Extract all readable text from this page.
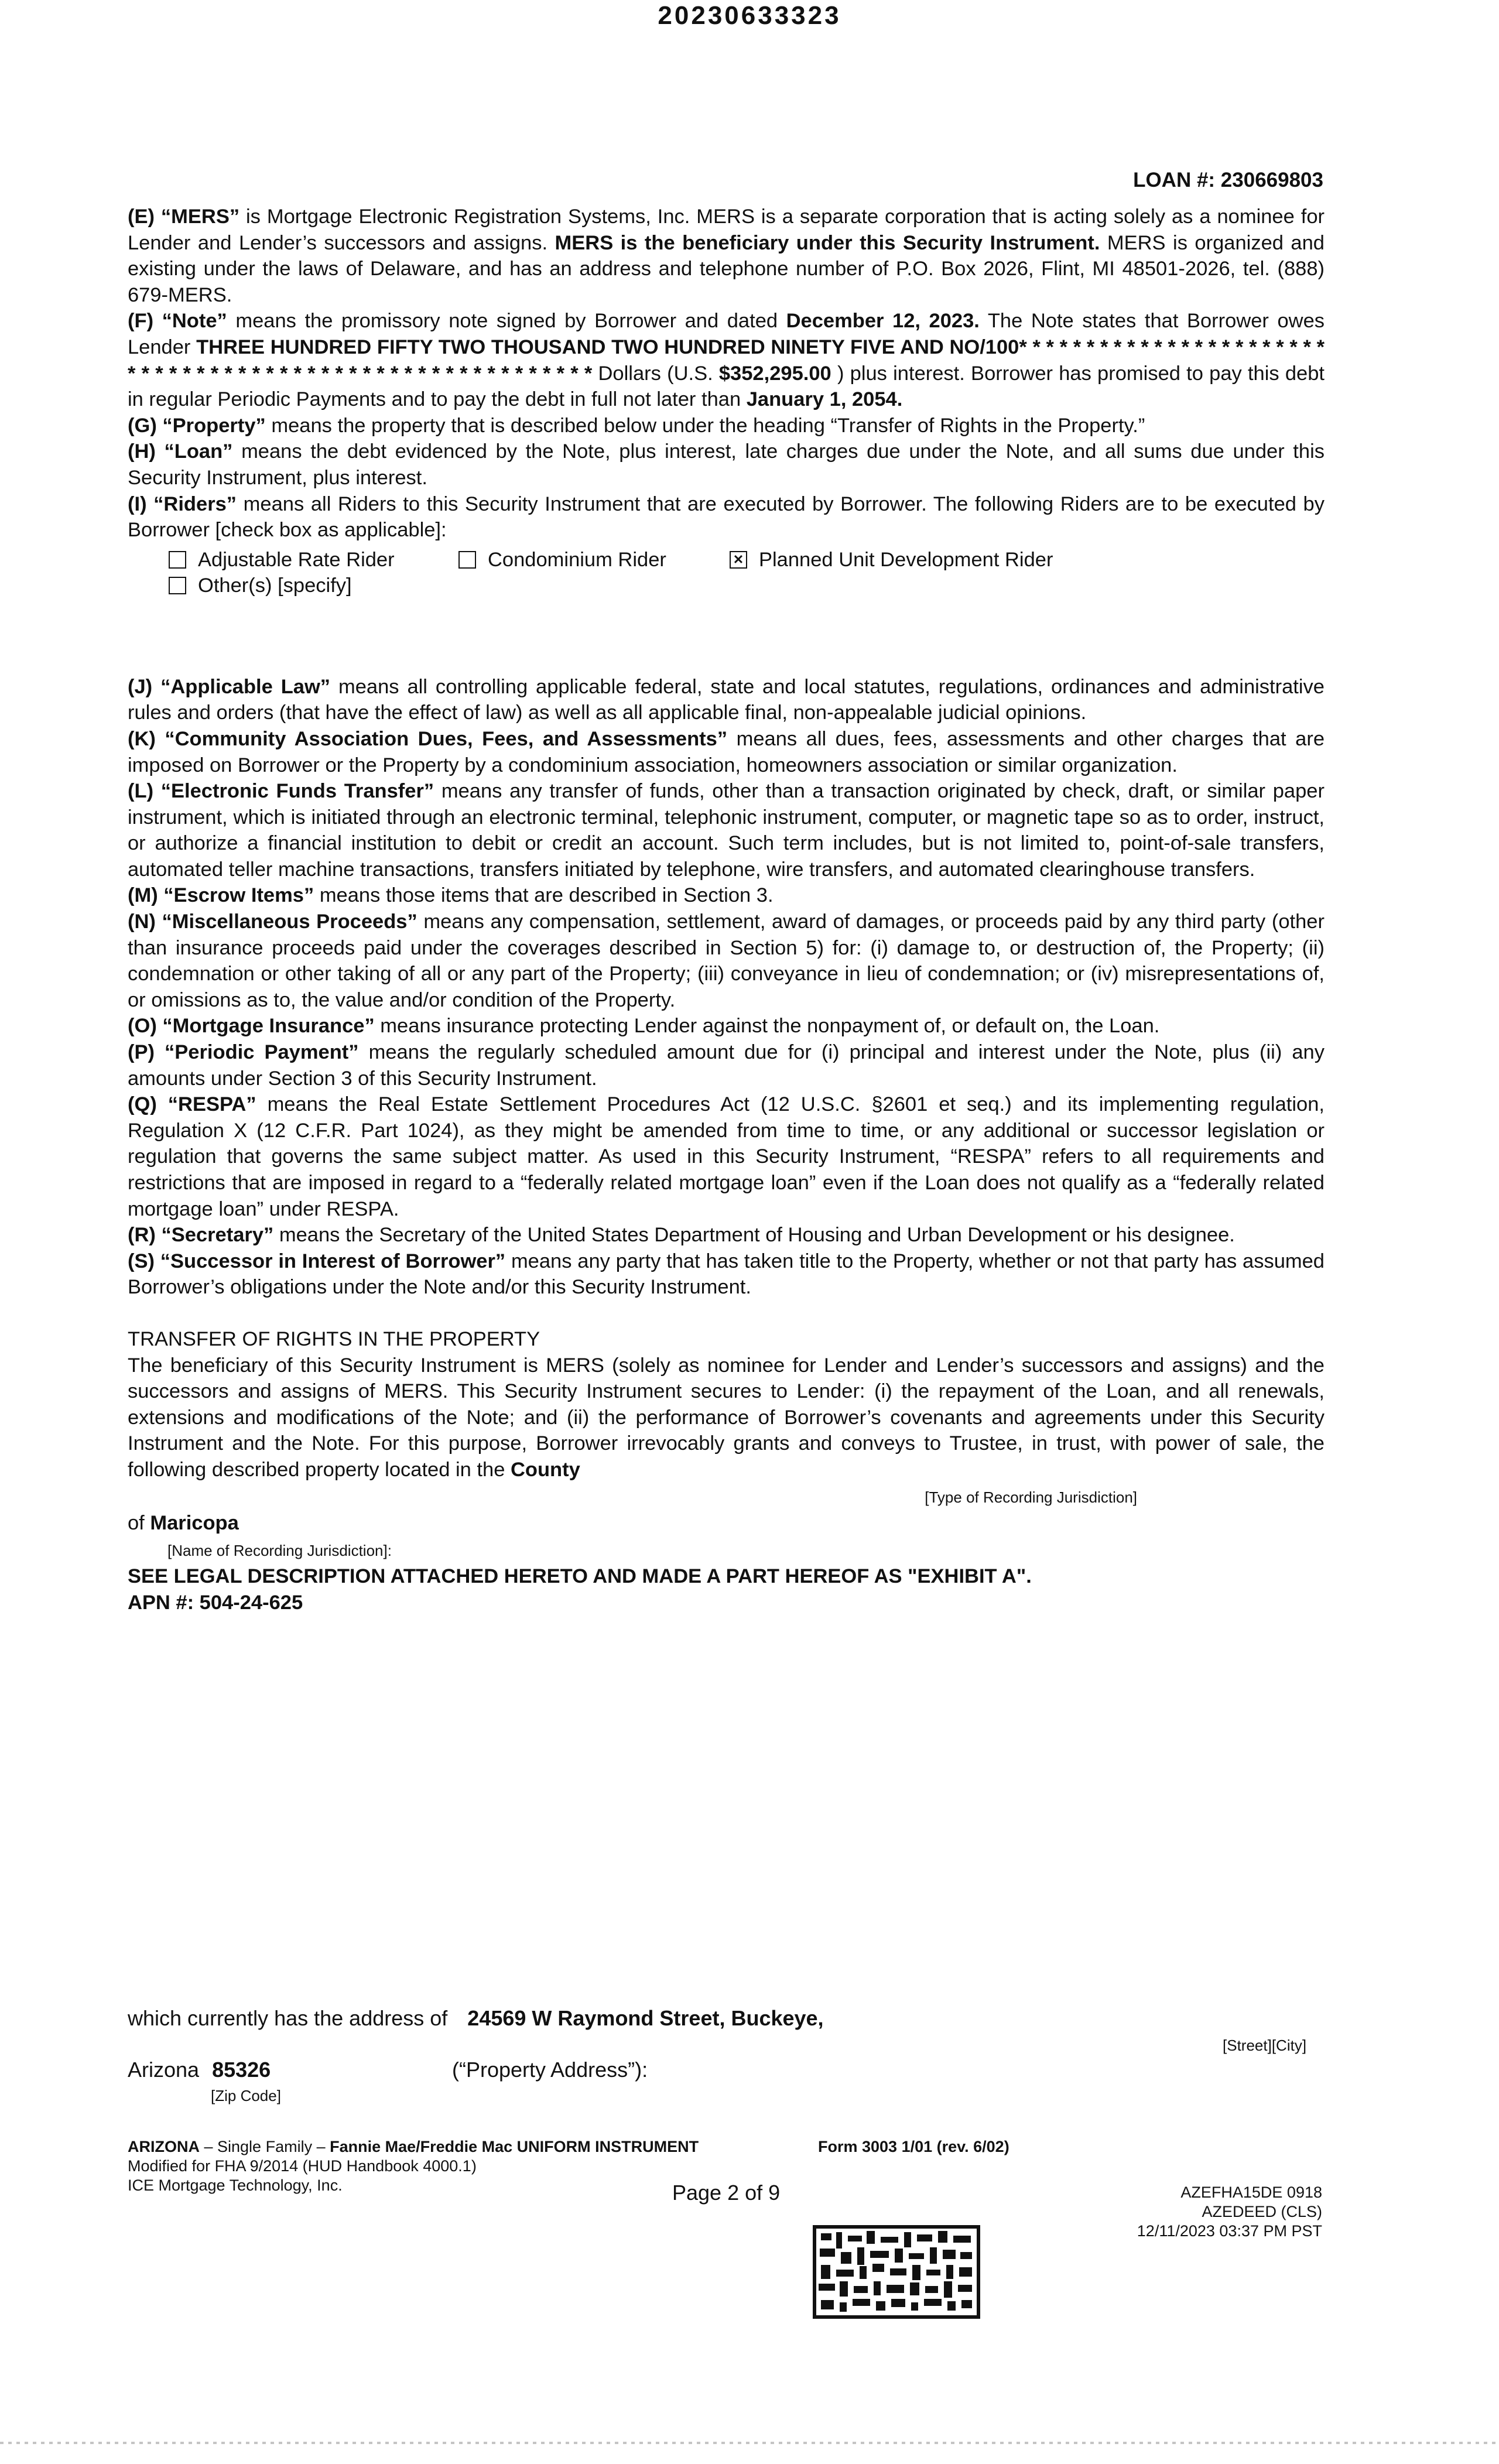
20230633323
LOAN #: 230669803

(E) “MERS” is Mortgage Electronic Registration Systems, Inc. MERS is a separate corporation that is acting solely as a nominee for Lender and Lender’s successors and assigns. MERS is the beneficiary under this Security Instrument. MERS is organized and existing under the laws of Delaware, and has an address and telephone number of P.O. Box 2026, Flint, MI 48501-2026, tel. (888) 679-MERS.

(F) “Note” means the promissory note signed by Borrower and dated December 12, 2023. The Note states that Borrower owes Lender THREE HUNDRED FIFTY TWO THOUSAND TWO HUNDRED NINETY FIVE AND NO/100* * * * * * * * * * * * * * * * * * * * * * * * * * * * * * * * * * * * * * * * * * * * * * * * * * * * * * * * * Dollars (U.S. $352,295.00 ) plus interest. Borrower has promised to pay this debt in regular Periodic Payments and to pay the debt in full not later than January 1, 2054.

(G) “Property” means the property that is described below under the heading “Transfer of Rights in the Property.”

(H) “Loan” means the debt evidenced by the Note, plus interest, late charges due under the Note, and all sums due under this Security Instrument, plus interest.

(I) “Riders” means all Riders to this Security Instrument that are executed by Borrower. The following Riders are to be executed by Borrower [check box as applicable]:

Adjustable Rate Rider	Condominium Rider	✕ Planned Unit Development Rider
Other(s) [specify]

(J) “Applicable Law” means all controlling applicable federal, state and local statutes, regulations, ordinances and administrative rules and orders (that have the effect of law) as well as all applicable final, non-appealable judicial opinions.

(K) “Community Association Dues, Fees, and Assessments” means all dues, fees, assessments and other charges that are imposed on Borrower or the Property by a condominium association, homeowners association or similar organization.

(L) “Electronic Funds Transfer” means any transfer of funds, other than a transaction originated by check, draft, or similar paper instrument, which is initiated through an electronic terminal, telephonic instrument, computer, or magnetic tape so as to order, instruct, or authorize a financial institution to debit or credit an account. Such term includes, but is not limited to, point-of-sale transfers, automated teller machine transactions, transfers initiated by telephone, wire transfers, and automated clearinghouse transfers.

(M) “Escrow Items” means those items that are described in Section 3.

(N) “Miscellaneous Proceeds” means any compensation, settlement, award of damages, or proceeds paid by any third party (other than insurance proceeds paid under the coverages described in Section 5) for: (i) damage to, or destruction of, the Property; (ii) condemnation or other taking of all or any part of the Property; (iii) conveyance in lieu of condemnation; or (iv) misrepresentations of, or omissions as to, the value and/or condition of the Property.

(O) “Mortgage Insurance” means insurance protecting Lender against the nonpayment of, or default on, the Loan.

(P) “Periodic Payment” means the regularly scheduled amount due for (i) principal and interest under the Note, plus (ii) any amounts under Section 3 of this Security Instrument.

(Q) “RESPA” means the Real Estate Settlement Procedures Act (12 U.S.C. §2601 et seq.) and its implementing regulation, Regulation X (12 C.F.R. Part 1024), as they might be amended from time to time, or any additional or successor legislation or regulation that governs the same subject matter. As used in this Security Instrument, “RESPA” refers to all requirements and restrictions that are imposed in regard to a “federally related mortgage loan” even if the Loan does not qualify as a “federally related mortgage loan” under RESPA.

(R) “Secretary” means the Secretary of the United States Department of Housing and Urban Development or his designee.

(S) “Successor in Interest of Borrower” means any party that has taken title to the Property, whether or not that party has assumed Borrower’s obligations under the Note and/or this Security Instrument.

TRANSFER OF RIGHTS IN THE PROPERTY

The beneficiary of this Security Instrument is MERS (solely as nominee for Lender and Lender’s successors and assigns) and the successors and assigns of MERS. This Security Instrument secures to Lender: (i) the repayment of the Loan, and all renewals, extensions and modifications of the Note; and (ii) the performance of Borrower’s covenants and agreements under this Security Instrument and the Note. For this purpose, Borrower irrevocably grants and conveys to Trustee, in trust, with power of sale, the following described property located in the County

[Type of Recording Jurisdiction]

of Maricopa

[Name of Recording Jurisdiction]:

SEE LEGAL DESCRIPTION ATTACHED HERETO AND MADE A PART HEREOF AS "EXHIBIT A".

APN #: 504-24-625

which currently has the address of 24569 W Raymond Street, Buckeye,
[Street][City]
Arizona 85326	(“Property Address”):
[Zip Code]
ARIZONA – Single Family – Fannie Mae/Freddie Mac UNIFORM INSTRUMENT
Modified for FHA 9/2014 (HUD Handbook 4000.1)
ICE Mortgage Technology, Inc.
Form 3003 1/01 (rev. 6/02)
Page 2 of 9	AZEFHA15DE 0918
AZEDEED (CLS)
12/11/2023 03:37 PM PST
